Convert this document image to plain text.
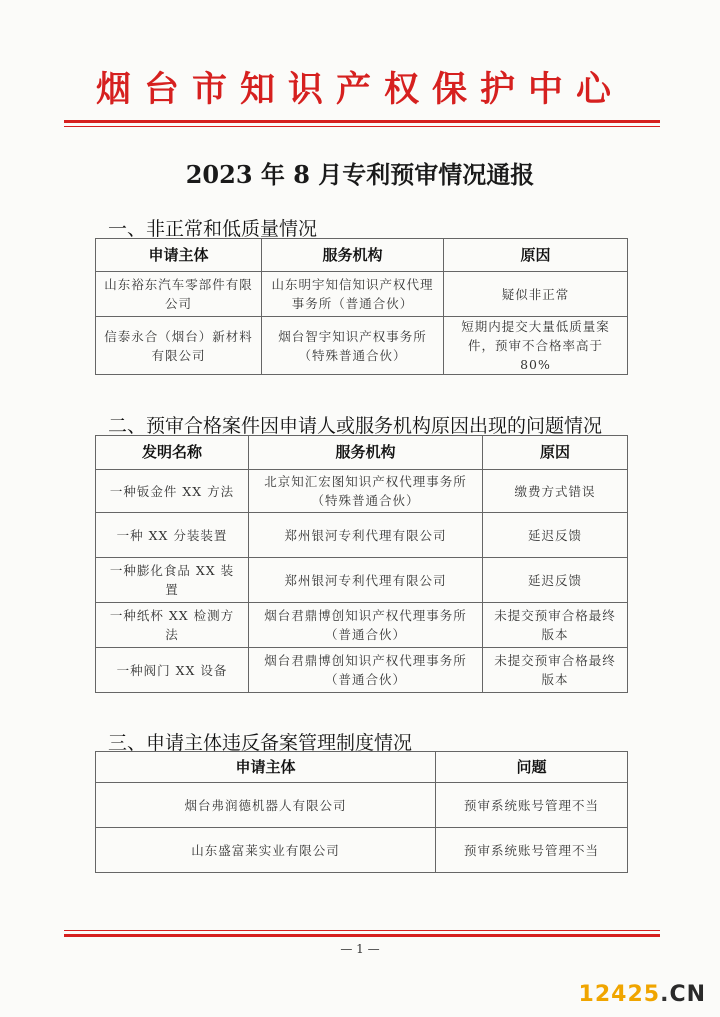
烟台市知识产权保护中心
2023 年 8 月专利预审情况通报
一、非正常和低质量情况
申请主体	服务机构	原因
山东裕东汽车零部件有限公司	山东明宇知信知识产权代理事务所（普通合伙）	疑似非正常
信泰永合（烟台）新材料有限公司	烟台智宇知识产权事务所（特殊普通合伙）	短期内提交大量低质量案件，预审不合格率高于 80%
二、预审合格案件因申请人或服务机构原因出现的问题情况
发明名称	服务机构	原因
一种钣金件 XX 方法	北京知汇宏图知识产权代理事务所（特殊普通合伙）	缴费方式错误
一种 XX 分装装置	郑州银河专利代理有限公司	延迟反馈
一种膨化食品 XX 装置	郑州银河专利代理有限公司	延迟反馈
一种纸杯 XX 检测方法	烟台君鼎博创知识产权代理事务所（普通合伙）	未提交预审合格最终版本
一种阀门 XX 设备	烟台君鼎博创知识产权代理事务所（普通合伙）	未提交预审合格最终版本
三、申请主体违反备案管理制度情况
申请主体	问题
烟台弗润德机器人有限公司	预审系统账号管理不当
山东盛富莱实业有限公司	预审系统账号管理不当
— 1 —
12425.CN
